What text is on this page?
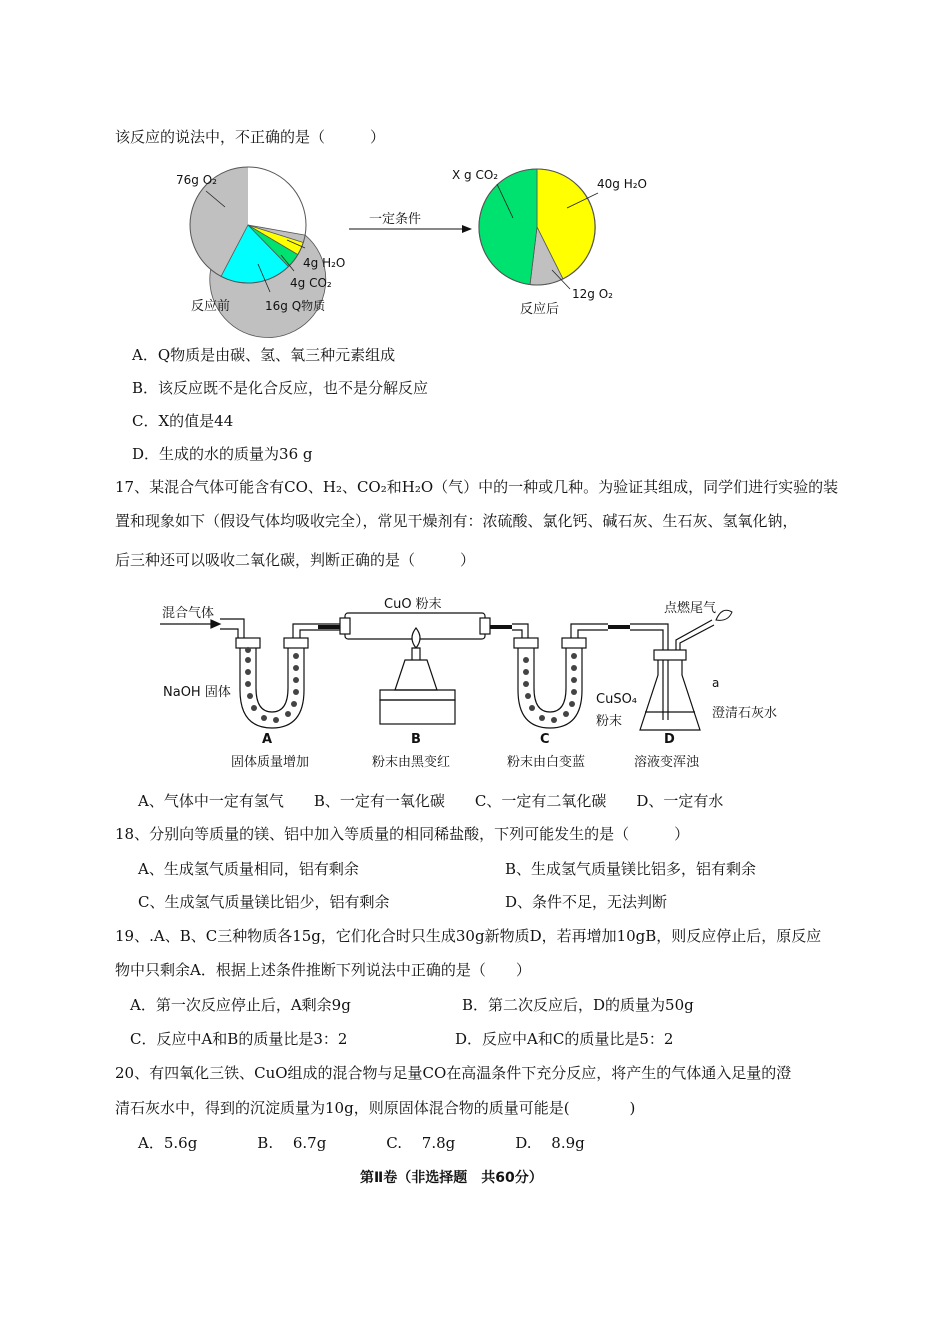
该反应的说法中，不正确的是（　　　）
76g O₂
4g H₂O
4g CO₂
16g Q物质
反应前
一定条件
X g CO₂
40g H₂O
12g O₂
反应后
A．Q物质是由碳、氢、氧三种元素组成
B．该反应既不是化合反应，也不是分解反应
C．X的值是44
D．生成的水的质量为36 g
17、某混合气体可能含有CO、H₂、CO₂和H₂O（气）中的一种或几种。为验证其组成，同学们进行实验的装
置和现象如下（假设气体均吸收完全），常见干燥剂有：浓硫酸、氯化钙、碱石灰、生石灰、氢氧化钠，
后三种还可以吸收二氧化碳，判断正确的是（　　　）
混合气体
CuO 粉末	点燃尾气
NaOH 固体	CuSO₄
粉末
a
澄清石灰水
A
固体质量增加
B
粉末由黑变红
C
粉末由白变蓝
D
溶液变浑浊
A、气体中一定有氢气　　B、一定有一氧化碳　　C、一定有二氧化碳　　D、一定有水
18、分别向等质量的镁、铝中加入等质量的相同稀盐酸，下列可能发生的是（　　　）
A、生成氢气质量相同，铝有剩余	B、生成氢气质量镁比铝多，铝有剩余
C、生成氢气质量镁比铝少，铝有剩余	D、条件不足，无法判断
19、.A、B、C三种物质各15g，它们化合时只生成30g新物质D，若再增加10gB，则反应停止后，原反应
物中只剩余A．根据上述条件推断下列说法中正确的是（　　）
A．第一次反应停止后，A剩余9g	B．第二次反应后，D的质量为50g
C．反应中A和B的质量比是3：2	D．反应中A和C的质量比是5：2
20、有四氧化三铁、CuO组成的混合物与足量CO在高温条件下充分反应，将产生的气体通入足量的澄
清石灰水中，得到的沉淀质量为10g，则原固体混合物的质量可能是(　　　　)
A．5.6g　　　　B.　 6.7g　　　　C.　 7.8g　　　　D.　 8.9g
第Ⅱ卷（非选择题　共60分）
